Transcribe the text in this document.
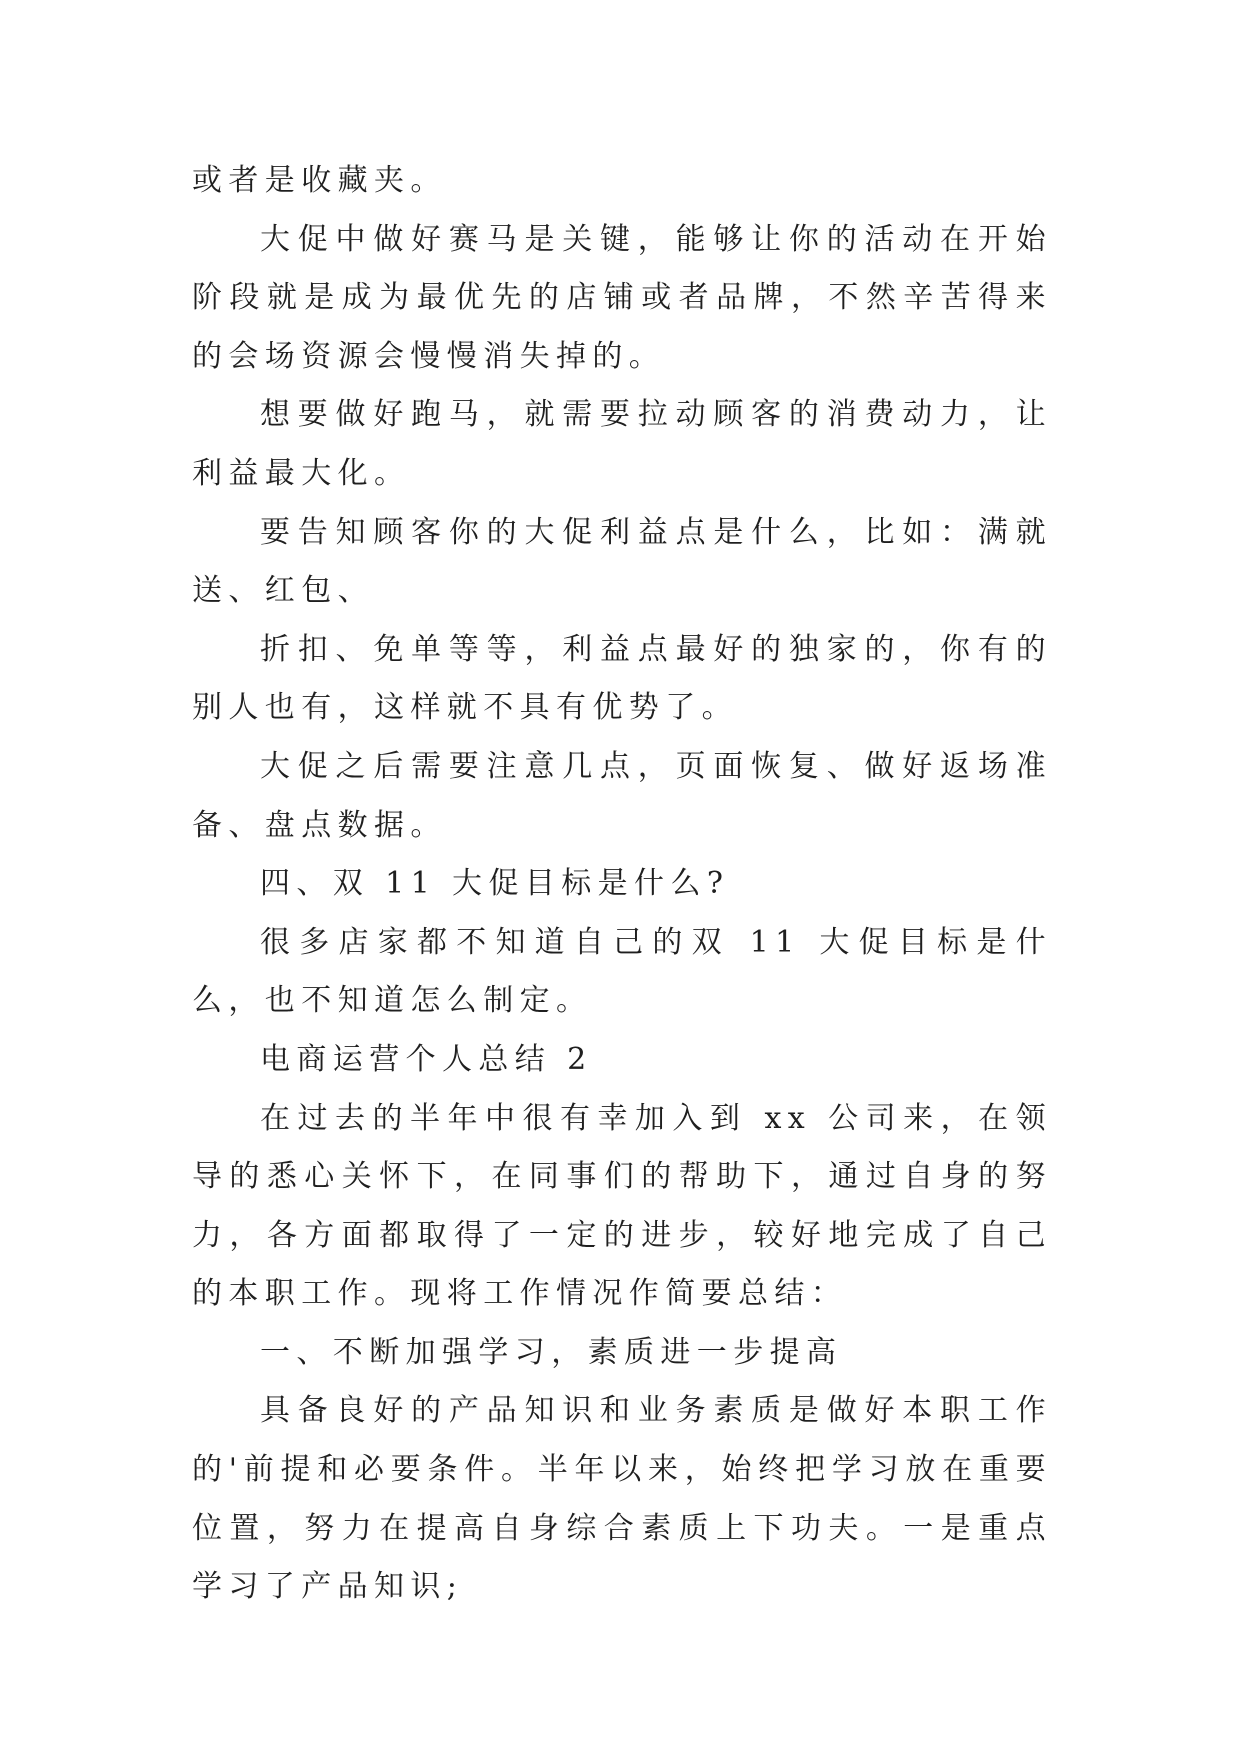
或者是收藏夹。

大促中做好赛马是关键，能够让你的活动在开始阶段就是成为最优先的店铺或者品牌，不然辛苦得来的会场资源会慢慢消失掉的。

想要做好跑马，就需要拉动顾客的消费动力，让利益最大化。

要告知顾客你的大促利益点是什么，比如：满就送、红包、

折扣、免单等等，利益点最好的独家的，你有的别人也有，这样就不具有优势了。

大促之后需要注意几点，页面恢复、做好返场准备、盘点数据。

四、双 11 大促目标是什么?

很多店家都不知道自己的双 11 大促目标是什么，也不知道怎么制定。

电商运营个人总结 2

在过去的半年中很有幸加入到 xx 公司来，在领导的悉心关怀下，在同事们的帮助下，通过自身的努力，各方面都取得了一定的进步，较好地完成了自己的本职工作。现将工作情况作简要总结：

一、不断加强学习，素质进一步提高

具备良好的产品知识和业务素质是做好本职工作的'前提和必要条件。半年以来，始终把学习放在重要位置，努力在提高自身综合素质上下功夫。一是重点学习了产品知识;
